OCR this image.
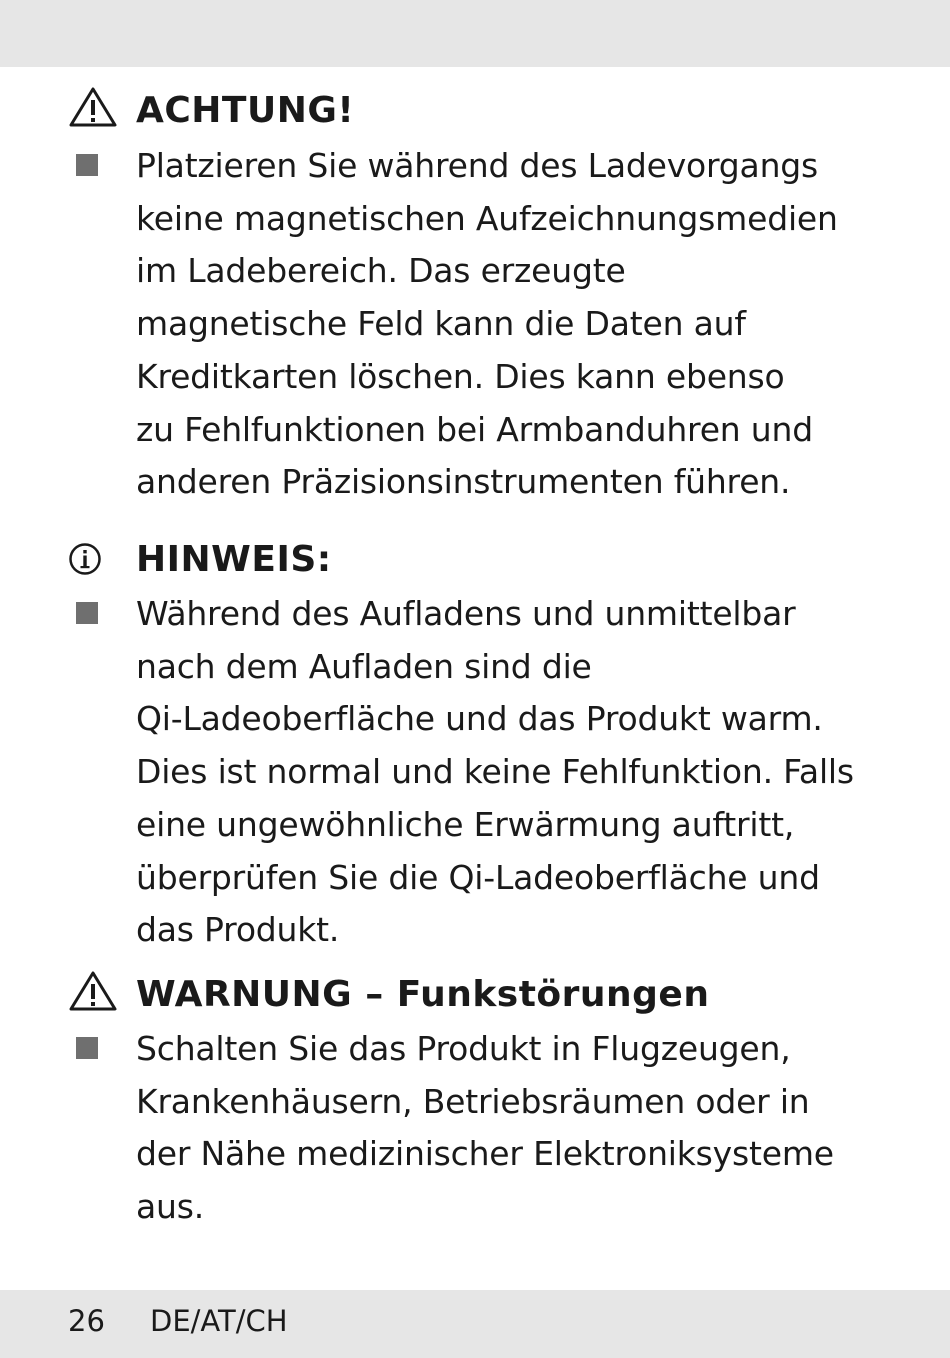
ACHTUNG!

Platzieren Sie während des Ladevorgangs
keine magnetischen Aufzeichnungsmedien
im Ladebereich. Das erzeugte
magnetische Feld kann die Daten auf
Kreditkarten löschen. Dies kann ebenso
zu Fehlfunktionen bei Armbanduhren und
anderen Präzisionsinstrumenten führen.

HINWEIS:

Während des Aufladens und unmittelbar
nach dem Aufladen sind die
Qi-Ladeoberfläche und das Produkt warm.
Dies ist normal und keine Fehlfunktion. Falls
eine ungewöhnliche Erwärmung auftritt,
überprüfen Sie die Qi-Ladeoberfläche und
das Produkt.

WARNUNG – Funkstörungen

Schalten Sie das Produkt in Flugzeugen,
Krankenhäusern, Betriebsräumen oder in
der Nähe medizinischer Elektroniksysteme
aus.

26 DE/AT/CH
